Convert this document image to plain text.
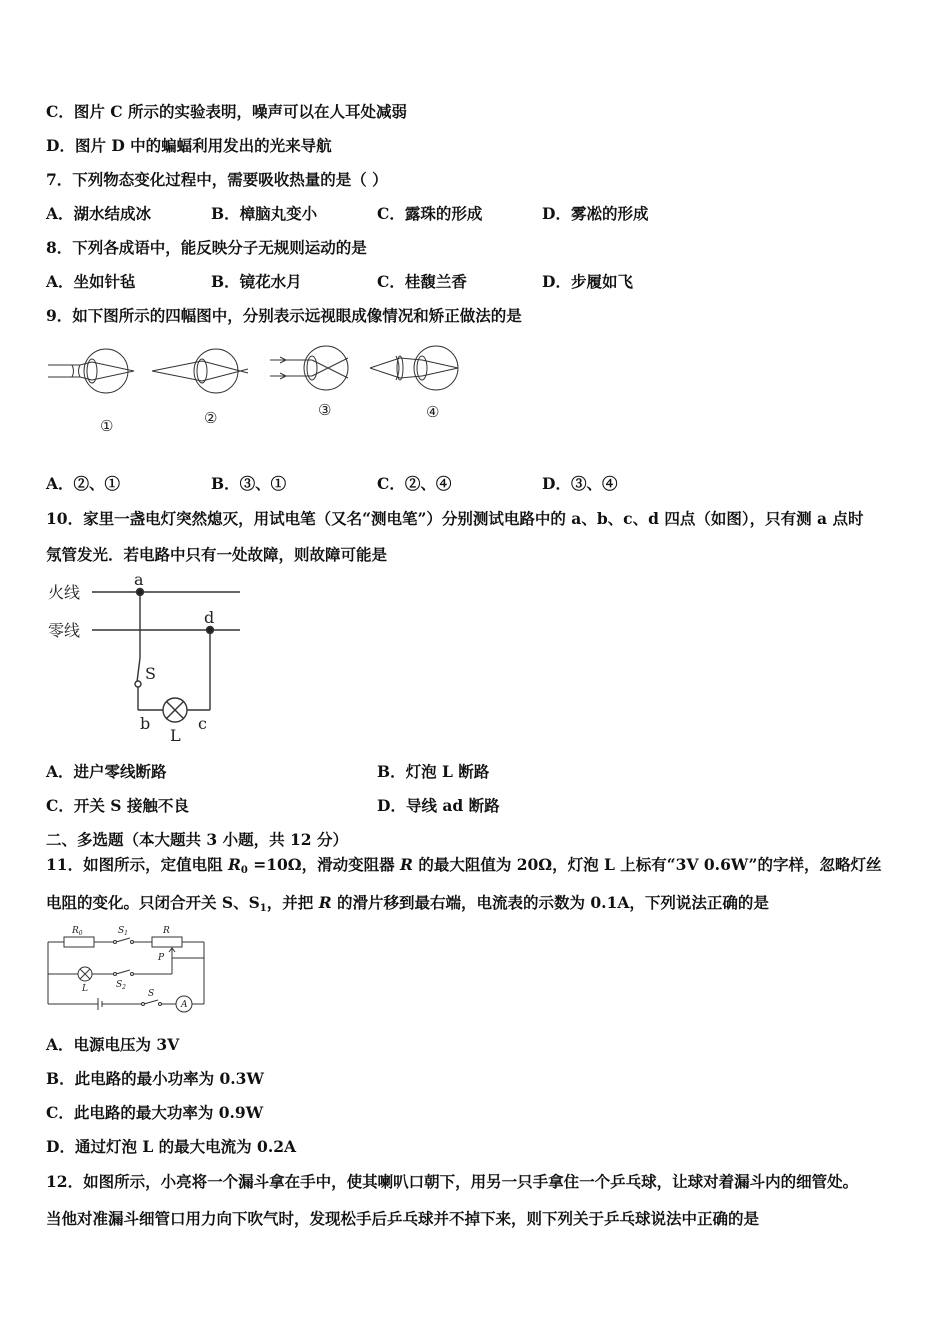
C．图片 C 所示的实验表明，噪声可以在人耳处减弱
D．图片 D 中的蝙蝠利用发出的光来导航
7．下列物态变化过程中，需要吸收热量的是（ ）
A．湖水结成冰	B．樟脑丸变小	C．露珠的形成	D．雾凇的形成
8．下列各成语中，能反映分子无规则运动的是
A．坐如针毡	B．镜花水月	C．桂馥兰香	D．步履如飞
9．如下图所示的四幅图中，分别表示远视眼成像情况和矫正做法的是
①	②	③	④
A．②、①	B．③、①	C．②、④	D．③、④
10．家里一盏电灯突然熄灭，用试电笔（又名“测电笔”）分别测试电路中的 a、b、c、d 四点（如图），只有测 a 点时
氖管发光．若电路中只有一处故障，则故障可能是
火线
零线
a
d
S
b	c
L
A．进户零线断路	B．灯泡 L 断路
C．开关 S 接触不良	D．导线 ad 断路
二、多选题（本大题共 3 小题，共 12 分）
11．如图所示，定值电阻 $R_0 =10\Omega$，滑动变阻器 R 的最大阻值为 20Ω，灯泡 L 上标有“3V 0.6W”的字样，忽略灯丝
电阻的变化。只闭合开关 S、$S_1$，并把 R 的滑片移到最右端，电流表的示数为 0.1A，下列说法正确的是
$R_0$	$S_1$	R
P
L	$S_2$
S
A
A．电源电压为 3V
B．此电路的最小功率为 0.3W
C．此电路的最大功率为 0.9W
D．通过灯泡 L 的最大电流为 0.2A
12．如图所示，小亮将一个漏斗拿在手中，使其喇叭口朝下，用另一只手拿住一个乒乓球，让球对着漏斗内的细管处。
当他对准漏斗细管口用力向下吹气时，发现松手后乒乓球并不掉下来，则下列关于乒乓球说法中正确的是
